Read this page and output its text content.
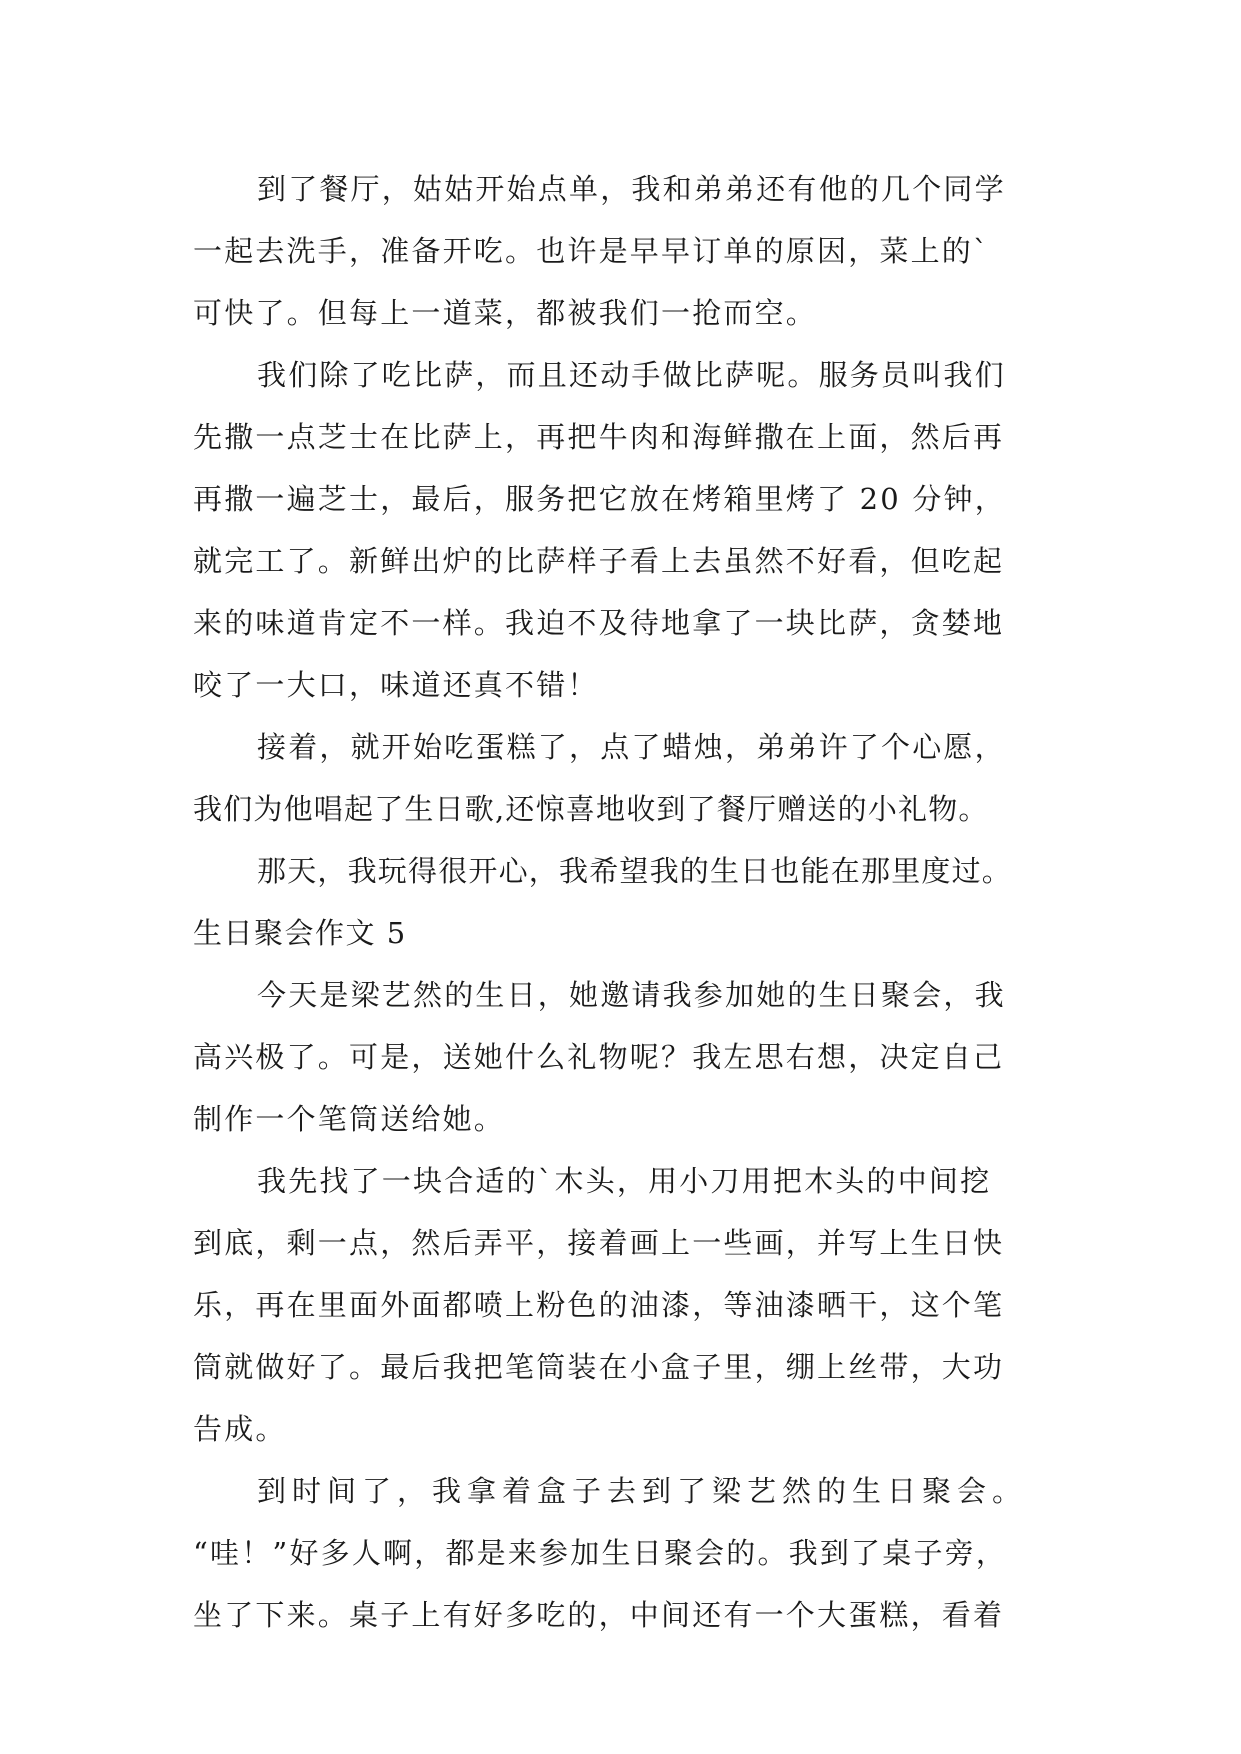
到了餐厅，姑姑开始点单，我和弟弟还有他的几个同学
一起去洗手，准备开吃。也许是早早订单的原因，菜上的`
可快了。但每上一道菜，都被我们一抢而空。
我们除了吃比萨，而且还动手做比萨呢。服务员叫我们
先撒一点芝士在比萨上，再把牛肉和海鲜撒在上面，然后再
再撒一遍芝士，最后，服务把它放在烤箱里烤了 20 分钟，
就完工了。新鲜出炉的比萨样子看上去虽然不好看，但吃起
来的味道肯定不一样。我迫不及待地拿了一块比萨，贪婪地
咬了一大口，味道还真不错！
接着，就开始吃蛋糕了，点了蜡烛，弟弟许了个心愿，
我们为他唱起了生日歌,还惊喜地收到了餐厅赠送的小礼物。
那天，我玩得很开心，我希望我的生日也能在那里度过。
生日聚会作文 5
今天是梁艺然的生日，她邀请我参加她的生日聚会，我
高兴极了。可是，送她什么礼物呢？我左思右想，决定自己
制作一个笔筒送给她。
我先找了一块合适的`木头，用小刀用把木头的中间挖
到底，剩一点，然后弄平，接着画上一些画，并写上生日快
乐，再在里面外面都喷上粉色的油漆，等油漆晒干，这个笔
筒就做好了。最后我把笔筒装在小盒子里，绷上丝带，大功
告成。
到时间了，我拿着盒子去到了梁艺然的生日聚会。
“哇！”好多人啊，都是来参加生日聚会的。我到了桌子旁，
坐了下来。桌子上有好多吃的，中间还有一个大蛋糕，看着
